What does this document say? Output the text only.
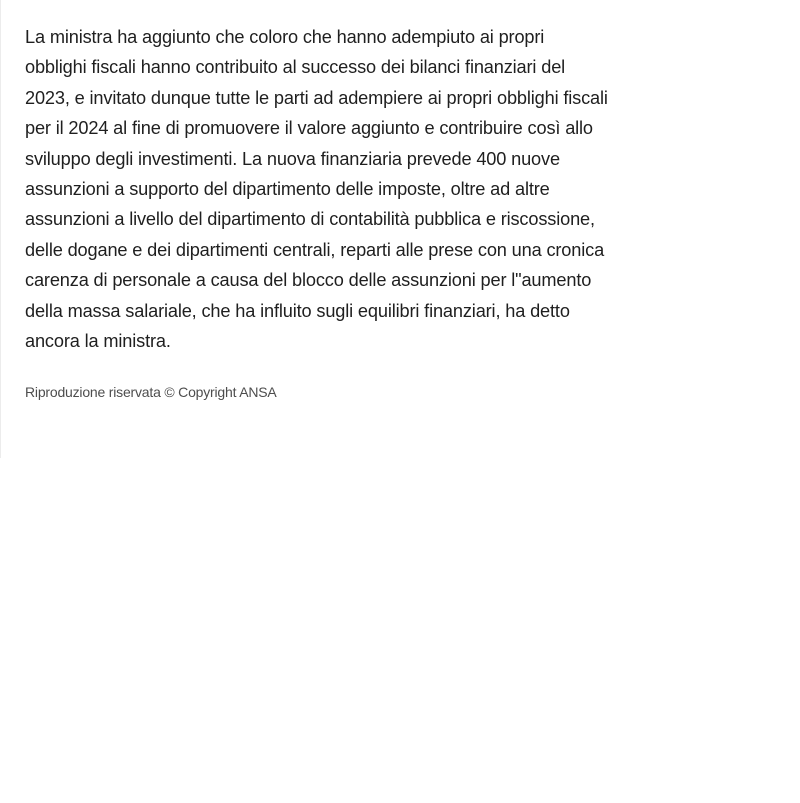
La ministra ha aggiunto che coloro che hanno adempiuto ai propri obblighi fiscali hanno contribuito al successo dei bilanci finanziari del 2023, e invitato dunque tutte le parti ad adempiere ai propri obblighi fiscali per il 2024 al fine di promuovere il valore aggiunto e contribuire così allo sviluppo degli investimenti. La nuova finanziaria prevede 400 nuove assunzioni a supporto del dipartimento delle imposte, oltre ad altre assunzioni a livello del dipartimento di contabilità pubblica e riscossione, delle dogane e dei dipartimenti centrali, reparti alle prese con una cronica carenza di personale a causa del blocco delle assunzioni per l"aumento della massa salariale, che ha influito sugli equilibri finanziari, ha detto ancora la ministra.

Riproduzione riservata © Copyright ANSA
